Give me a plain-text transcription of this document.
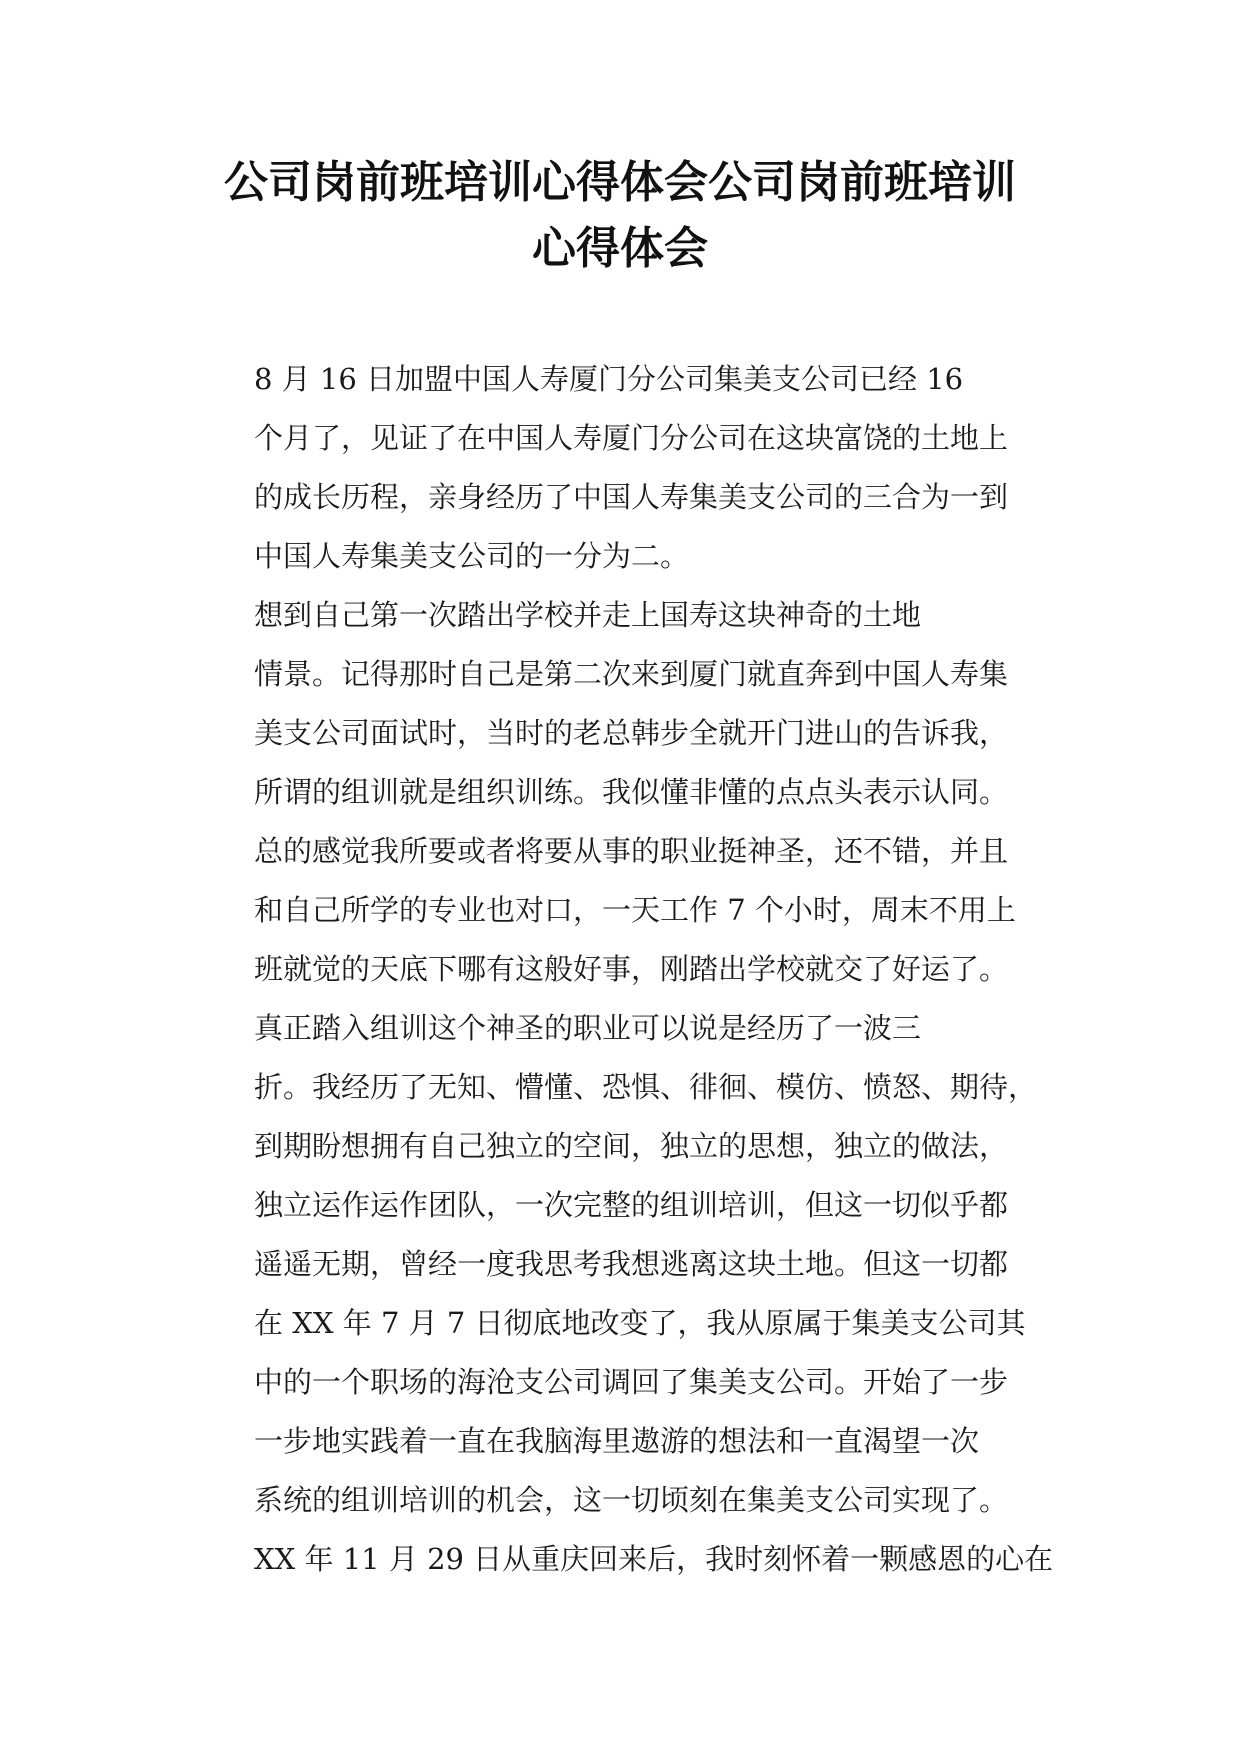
公司岗前班培训心得体会公司岗前班培训
心得体会

8 月 16 日加盟中国人寿厦门分公司集美支公司已经 16
个月了，见证了在中国人寿厦门分公司在这块富饶的土地上
的成长历程，亲身经历了中国人寿集美支公司的三合为一到
中国人寿集美支公司的一分为二。

想到自己第一次踏出学校并走上国寿这块神奇的土地
情景。记得那时自己是第二次来到厦门就直奔到中国人寿集
美支公司面试时，当时的老总韩步全就开门进山的告诉我，
所谓的组训就是组织训练。我似懂非懂的点点头表示认同。
总的感觉我所要或者将要从事的职业挺神圣，还不错，并且
和自己所学的专业也对口，一天工作 7 个小时，周末不用上
班就觉的天底下哪有这般好事，刚踏出学校就交了好运了。

真正踏入组训这个神圣的职业可以说是经历了一波三
折。我经历了无知、懵懂、恐惧、徘徊、模仿、愤怒、期待，
到期盼想拥有自己独立的空间，独立的思想，独立的做法，
独立运作运作团队，一次完整的组训培训，但这一切似乎都
遥遥无期，曾经一度我思考我想逃离这块土地。但这一切都
在 XX 年 7 月 7 日彻底地改变了，我从原属于集美支公司其
中的一个职场的海沧支公司调回了集美支公司。开始了一步
一步地实践着一直在我脑海里遨游的想法和一直渴望一次
系统的组训培训的机会，这一切顷刻在集美支公司实现了。
XX 年 11 月 29 日从重庆回来后，我时刻怀着一颗感恩的心在
